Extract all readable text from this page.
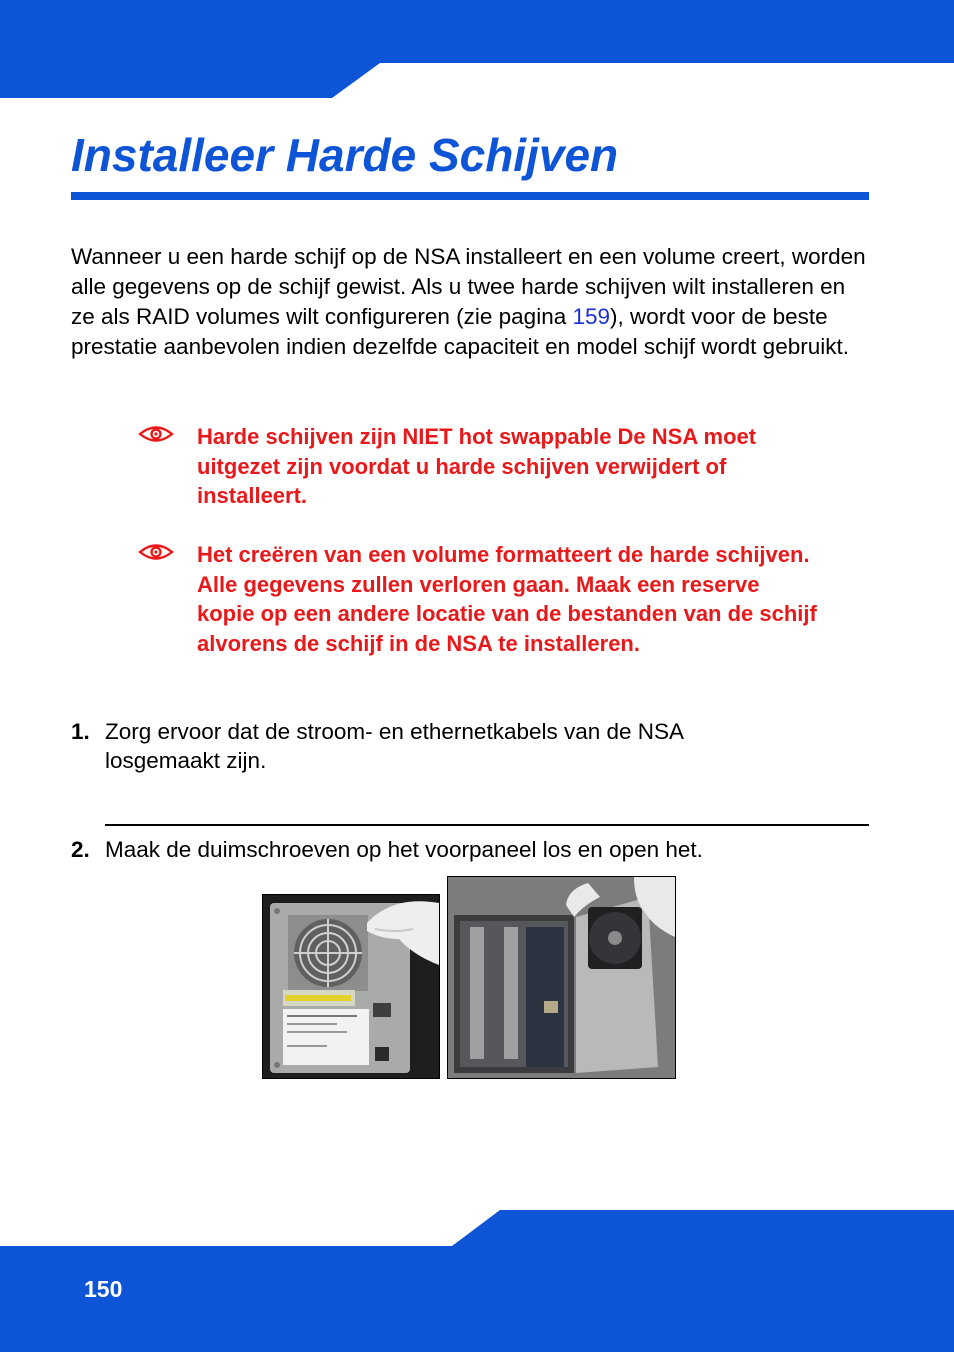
Installeer Harde Schijven

Wanneer u een harde schijf op de NSA installeert en een volume creert, worden alle gegevens op de schijf gewist. Als u twee harde schijven wilt installeren en ze als RAID volumes wilt configureren (zie pagina 159), wordt voor de beste prestatie aanbevolen indien dezelfde capaciteit en model schijf wordt gebruikt.

Harde schijven zijn NIET hot swappable De NSA moet uitgezet zijn voordat u harde schijven verwijdert of installeert.

Het creëren van een volume formatteert de harde schijven. Alle gegevens zullen verloren gaan. Maak een reserve kopie op een andere locatie van de bestanden van de schijf alvorens de schijf in de NSA te installeren.

1. Zorg ervoor dat de stroom- en ethernetkabels van de NSA losgemaakt zijn.

2. Maak de duimschroeven op het voorpaneel los en open het.

150
